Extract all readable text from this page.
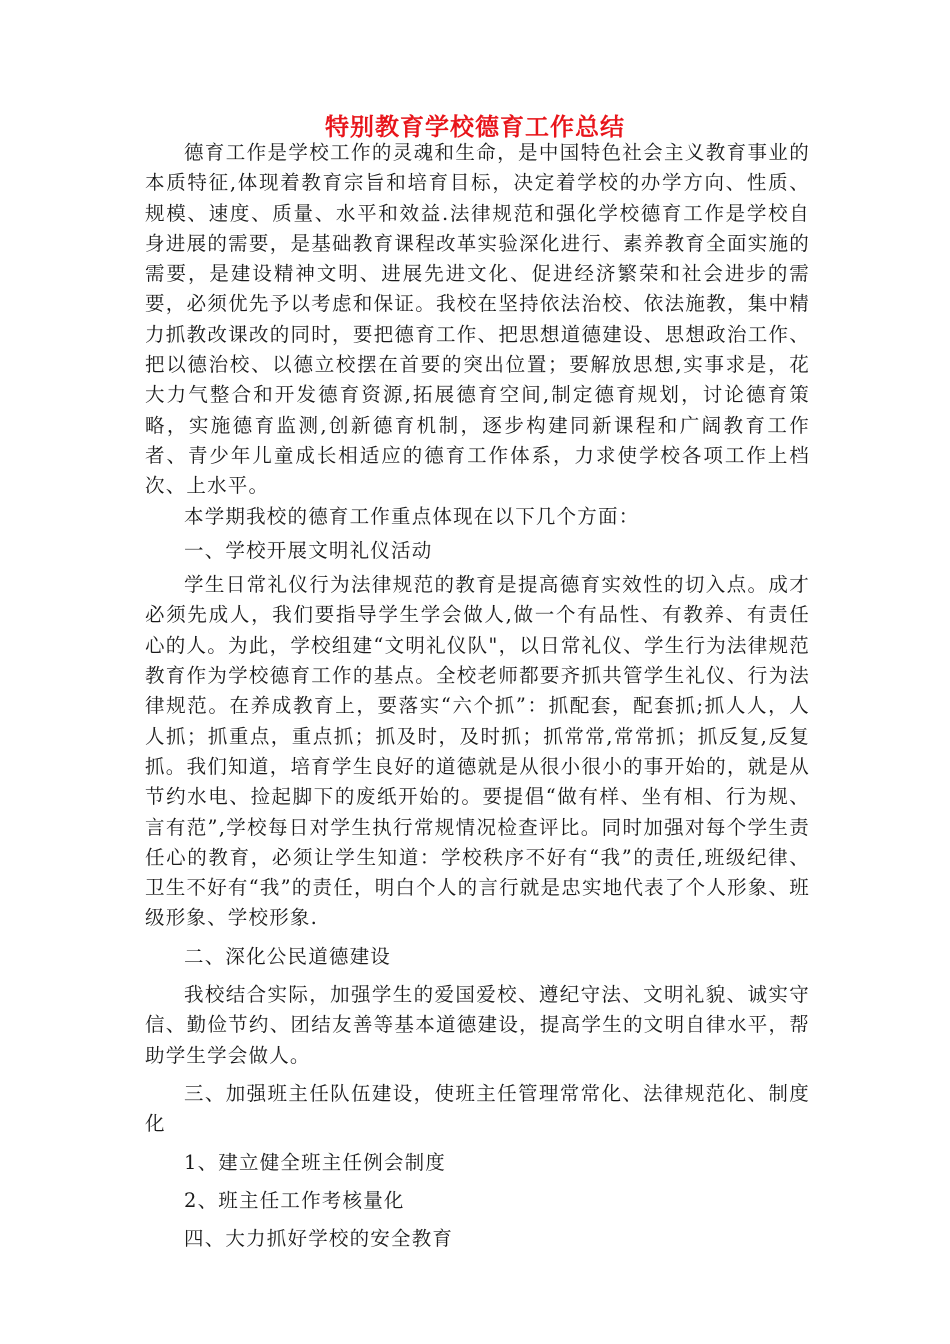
特别教育学校德育工作总结

德育工作是学校工作的灵魂和生命，是中国特色社会主义教育事业的本质特征,体现着教育宗旨和培育目标，决定着学校的办学方向、性质、规模、速度、质量、水平和效益.法律规范和强化学校德育工作是学校自身进展的需要，是基础教育课程改革实验深化进行、素养教育全面实施的需要，是建设精神文明、进展先进文化、促进经济繁荣和社会进步的需要，必须优先予以考虑和保证。我校在坚持依法治校、依法施教，集中精力抓教改课改的同时，要把德育工作、把思想道德建设、思想政治工作、把以德治校、以德立校摆在首要的突出位置；要解放思想,实事求是，花大力气整合和开发德育资源,拓展德育空间,制定德育规划，讨论德育策略，实施德育监测,创新德育机制，逐步构建同新课程和广阔教育工作者、青少年儿童成长相适应的德育工作体系，力求使学校各项工作上档次、上水平。

本学期我校的德育工作重点体现在以下几个方面：

一、学校开展文明礼仪活动

学生日常礼仪行为法律规范的教育是提高德育实效性的切入点。成才必须先成人，我们要指导学生学会做人,做一个有品性、有教养、有责任心的人。为此，学校组建“文明礼仪队"，以日常礼仪、学生行为法律规范教育作为学校德育工作的基点。全校老师都要齐抓共管学生礼仪、行为法律规范。在养成教育上，要落实“六个抓”：抓配套，配套抓;抓人人，人人抓；抓重点，重点抓；抓及时，及时抓；抓常常,常常抓；抓反复,反复抓。我们知道，培育学生良好的道德就是从很小很小的事开始的，就是从节约水电、捡起脚下的废纸开始的。要提倡“做有样、坐有相、行为规、言有范”,学校每日对学生执行常规情况检查评比。同时加强对每个学生责任心的教育，必须让学生知道：学校秩序不好有“我”的责任,班级纪律、卫生不好有“我”的责任，明白个人的言行就是忠实地代表了个人形象、班级形象、学校形象.

二、深化公民道德建设

我校结合实际，加强学生的爱国爱校、遵纪守法、文明礼貌、诚实守信、勤俭节约、团结友善等基本道德建设，提高学生的文明自律水平，帮助学生学会做人。

三、加强班主任队伍建设，使班主任管理常常化、法律规范化、制度化

1、建立健全班主任例会制度

2、班主任工作考核量化

四、大力抓好学校的安全教育
